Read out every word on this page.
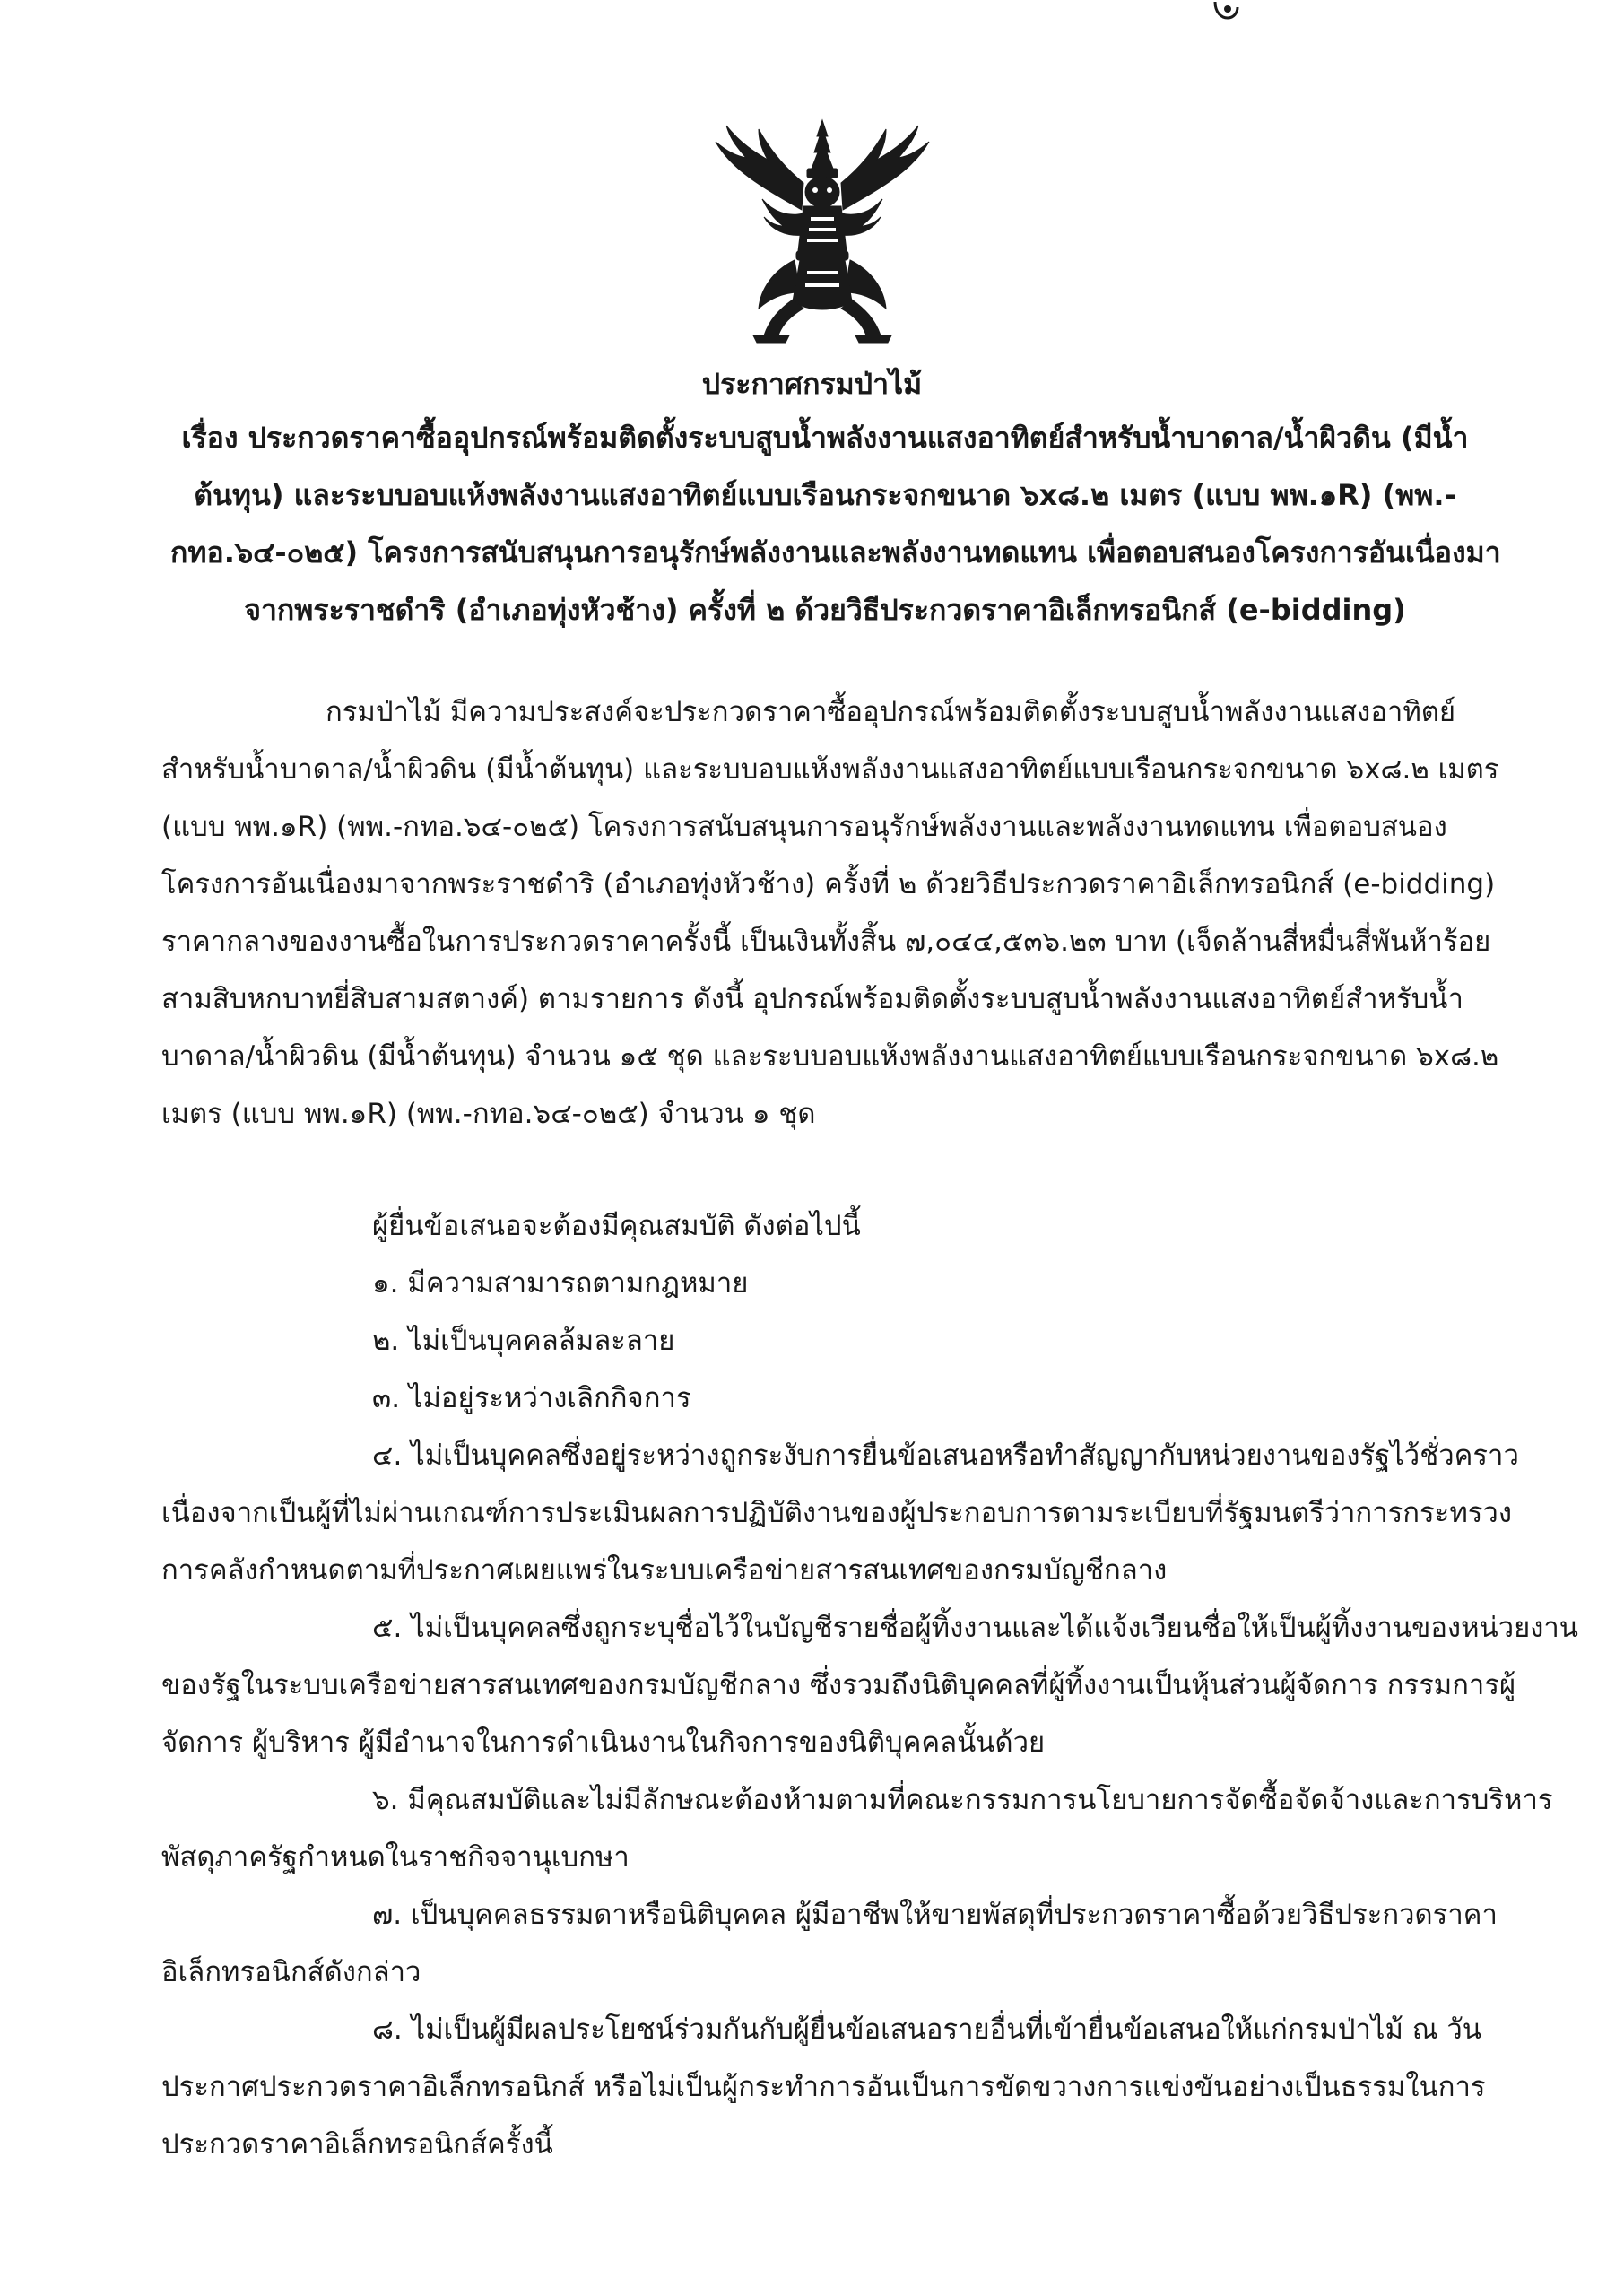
ประกาศกรมป่าไม้
เรื่อง ประกวดราคาซื้ออุปกรณ์พร้อมติดตั้งระบบสูบน้ำพลังงานแสงอาทิตย์สำหรับน้ำบาดาล/น้ำผิวดิน (มีน้ำ
ต้นทุน) และระบบอบแห้งพลังงานแสงอาทิตย์แบบเรือนกระจกขนาด ๖x๘.๒ เมตร (แบบ พพ.๑R) (พพ.-
กทอ.๖๔-๐๒๕) โครงการสนับสนุนการอนุรักษ์พลังงานและพลังงานทดแทน เพื่อตอบสนองโครงการอันเนื่องมา
จากพระราชดำริ (อำเภอทุ่งหัวช้าง) ครั้งที่ ๒ ด้วยวิธีประกวดราคาอิเล็กทรอนิกส์ (e-bidding)
กรมป่าไม้ มีความประสงค์จะประกวดราคาซื้ออุปกรณ์พร้อมติดตั้งระบบสูบน้ำพลังงานแสงอาทิตย์
สำหรับน้ำบาดาล/น้ำผิวดิน (มีน้ำต้นทุน) และระบบอบแห้งพลังงานแสงอาทิตย์แบบเรือนกระจกขนาด ๖x๘.๒ เมตร
(แบบ พพ.๑R) (พพ.-กทอ.๖๔-๐๒๕) โครงการสนับสนุนการอนุรักษ์พลังงานและพลังงานทดแทน เพื่อตอบสนอง
โครงการอันเนื่องมาจากพระราชดำริ (อำเภอทุ่งหัวช้าง) ครั้งที่ ๒ ด้วยวิธีประกวดราคาอิเล็กทรอนิกส์ (e-bidding)
ราคากลางของงานซื้อในการประกวดราคาครั้งนี้ เป็นเงินทั้งสิ้น ๗,๐๔๔,๕๓๖.๒๓ บาท (เจ็ดล้านสี่หมื่นสี่พันห้าร้อย
สามสิบหกบาทยี่สิบสามสตางค์) ตามรายการ ดังนี้ อุปกรณ์พร้อมติดตั้งระบบสูบน้ำพลังงานแสงอาทิตย์สำหรับน้ำ
บาดาล/น้ำผิวดิน (มีน้ำต้นทุน) จำนวน ๑๕ ชุด และระบบอบแห้งพลังงานแสงอาทิตย์แบบเรือนกระจกขนาด ๖x๘.๒
เมตร (แบบ พพ.๑R) (พพ.-กทอ.๖๔-๐๒๕) จำนวน ๑ ชุด
ผู้ยื่นข้อเสนอจะต้องมีคุณสมบัติ ดังต่อไปนี้
๑. มีความสามารถตามกฎหมาย
๒. ไม่เป็นบุคคลล้มละลาย
๓. ไม่อยู่ระหว่างเลิกกิจการ
๔. ไม่เป็นบุคคลซึ่งอยู่ระหว่างถูกระงับการยื่นข้อเสนอหรือทำสัญญากับหน่วยงานของรัฐไว้ชั่วคราว
เนื่องจากเป็นผู้ที่ไม่ผ่านเกณฑ์การประเมินผลการปฏิบัติงานของผู้ประกอบการตามระเบียบที่รัฐมนตรีว่าการกระทรวง
การคลังกำหนดตามที่ประกาศเผยแพร่ในระบบเครือข่ายสารสนเทศของกรมบัญชีกลาง
๕. ไม่เป็นบุคคลซึ่งถูกระบุชื่อไว้ในบัญชีรายชื่อผู้ทิ้งงานและได้แจ้งเวียนชื่อให้เป็นผู้ทิ้งงานของหน่วยงาน
ของรัฐในระบบเครือข่ายสารสนเทศของกรมบัญชีกลาง ซึ่งรวมถึงนิติบุคคลที่ผู้ทิ้งงานเป็นหุ้นส่วนผู้จัดการ กรรมการผู้
จัดการ ผู้บริหาร ผู้มีอำนาจในการดำเนินงานในกิจการของนิติบุคคลนั้นด้วย
๖. มีคุณสมบัติและไม่มีลักษณะต้องห้ามตามที่คณะกรรมการนโยบายการจัดซื้อจัดจ้างและการบริหาร
พัสดุภาครัฐกำหนดในราชกิจจานุเบกษา
๗. เป็นบุคคลธรรมดาหรือนิติบุคคล ผู้มีอาชีพให้ขายพัสดุที่ประกวดราคาซื้อด้วยวิธีประกวดราคา
อิเล็กทรอนิกส์ดังกล่าว
๘. ไม่เป็นผู้มีผลประโยชน์ร่วมกันกับผู้ยื่นข้อเสนอรายอื่นที่เข้ายื่นข้อเสนอให้แก่กรมป่าไม้ ณ วัน
ประกาศประกวดราคาอิเล็กทรอนิกส์ หรือไม่เป็นผู้กระทำการอันเป็นการขัดขวางการแข่งขันอย่างเป็นธรรมในการ
ประกวดราคาอิเล็กทรอนิกส์ครั้งนี้
